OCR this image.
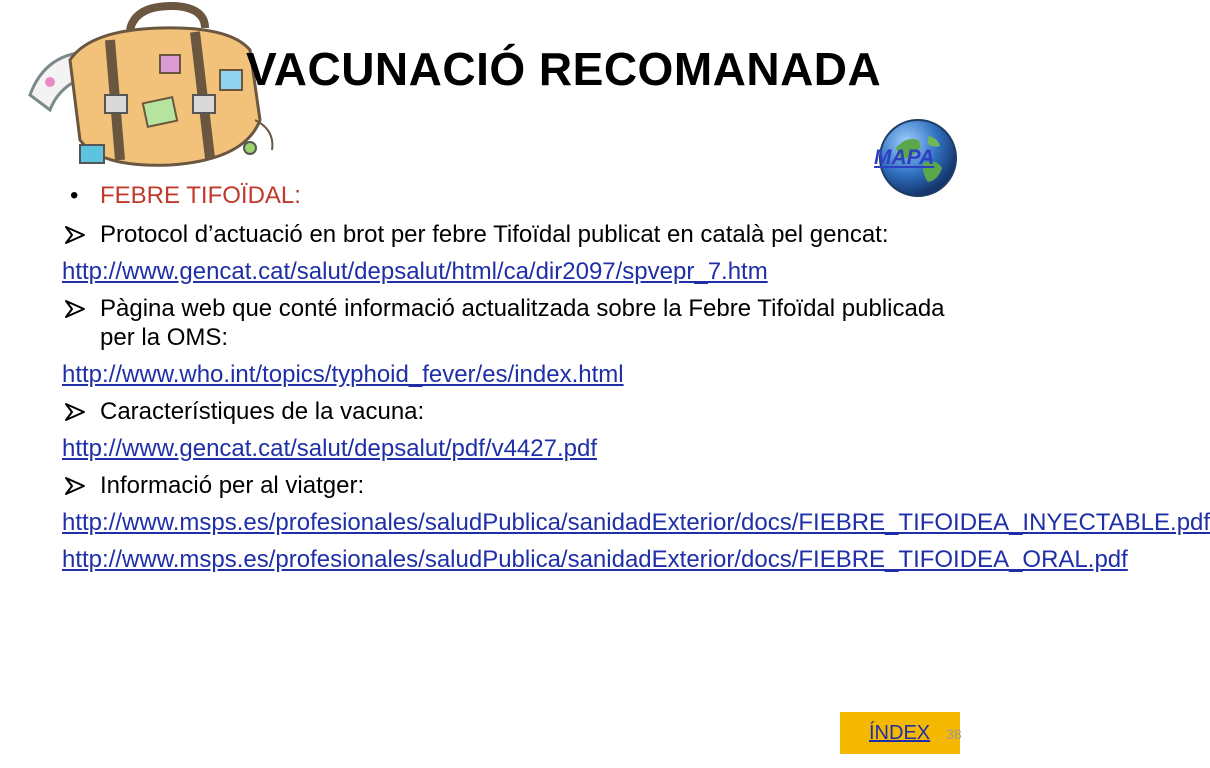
VACUNACIÓ RECOMANADA
MAPA
• FEBRE TIFOÏDAL:
Protocol d’actuació en brot per febre Tifoïdal publicat en català pel gencat:
http://www.gencat.cat/salut/depsalut/html/ca/dir2097/spvepr_7.htm
Pàgina web que conté informació actualitzada sobre la Febre Tifoïdal publicada per la OMS:
http://www.who.int/topics/typhoid_fever/es/index.html
Característiques de la vacuna:
http://www.gencat.cat/salut/depsalut/pdf/v4427.pdf
Informació per al viatger:
http://www.msps.es/profesionales/saludPublica/sanidadExterior/docs/FIEBRE_TIFOIDEA_INYECTABLE.pdf
http://www.msps.es/profesionales/saludPublica/sanidadExterior/docs/FIEBRE_TIFOIDEA_ORAL.pdf
ÍNDEX 38
